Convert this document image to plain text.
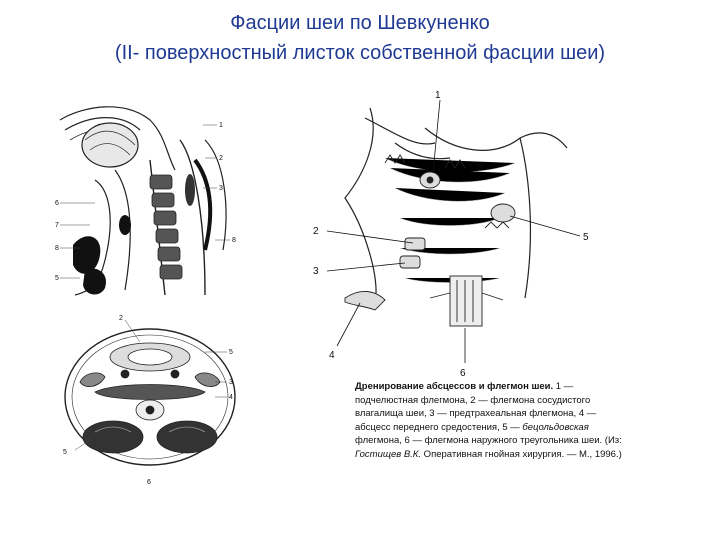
Фасции шеи по Шевкуненко
(II- поверхностный листок собственной фасции шеи)
1
2
3
6
7
8
5
8
2
5
3
4
5
6
1
2
3
4
5
6
Дренирование абсцессов и флегмон шеи. 1 — подчелюстная флегмона, 2 — флегмона сосудистого влагалища шеи, 3 — предтрахеальная флегмона, 4 — абсцесс переднего средостения, 5 — бецольдовская флегмона, 6 — флегмона наружного треугольника шеи. (Из: Гостищев В.К. Оперативная гнойная хирургия. — М., 1996.)
